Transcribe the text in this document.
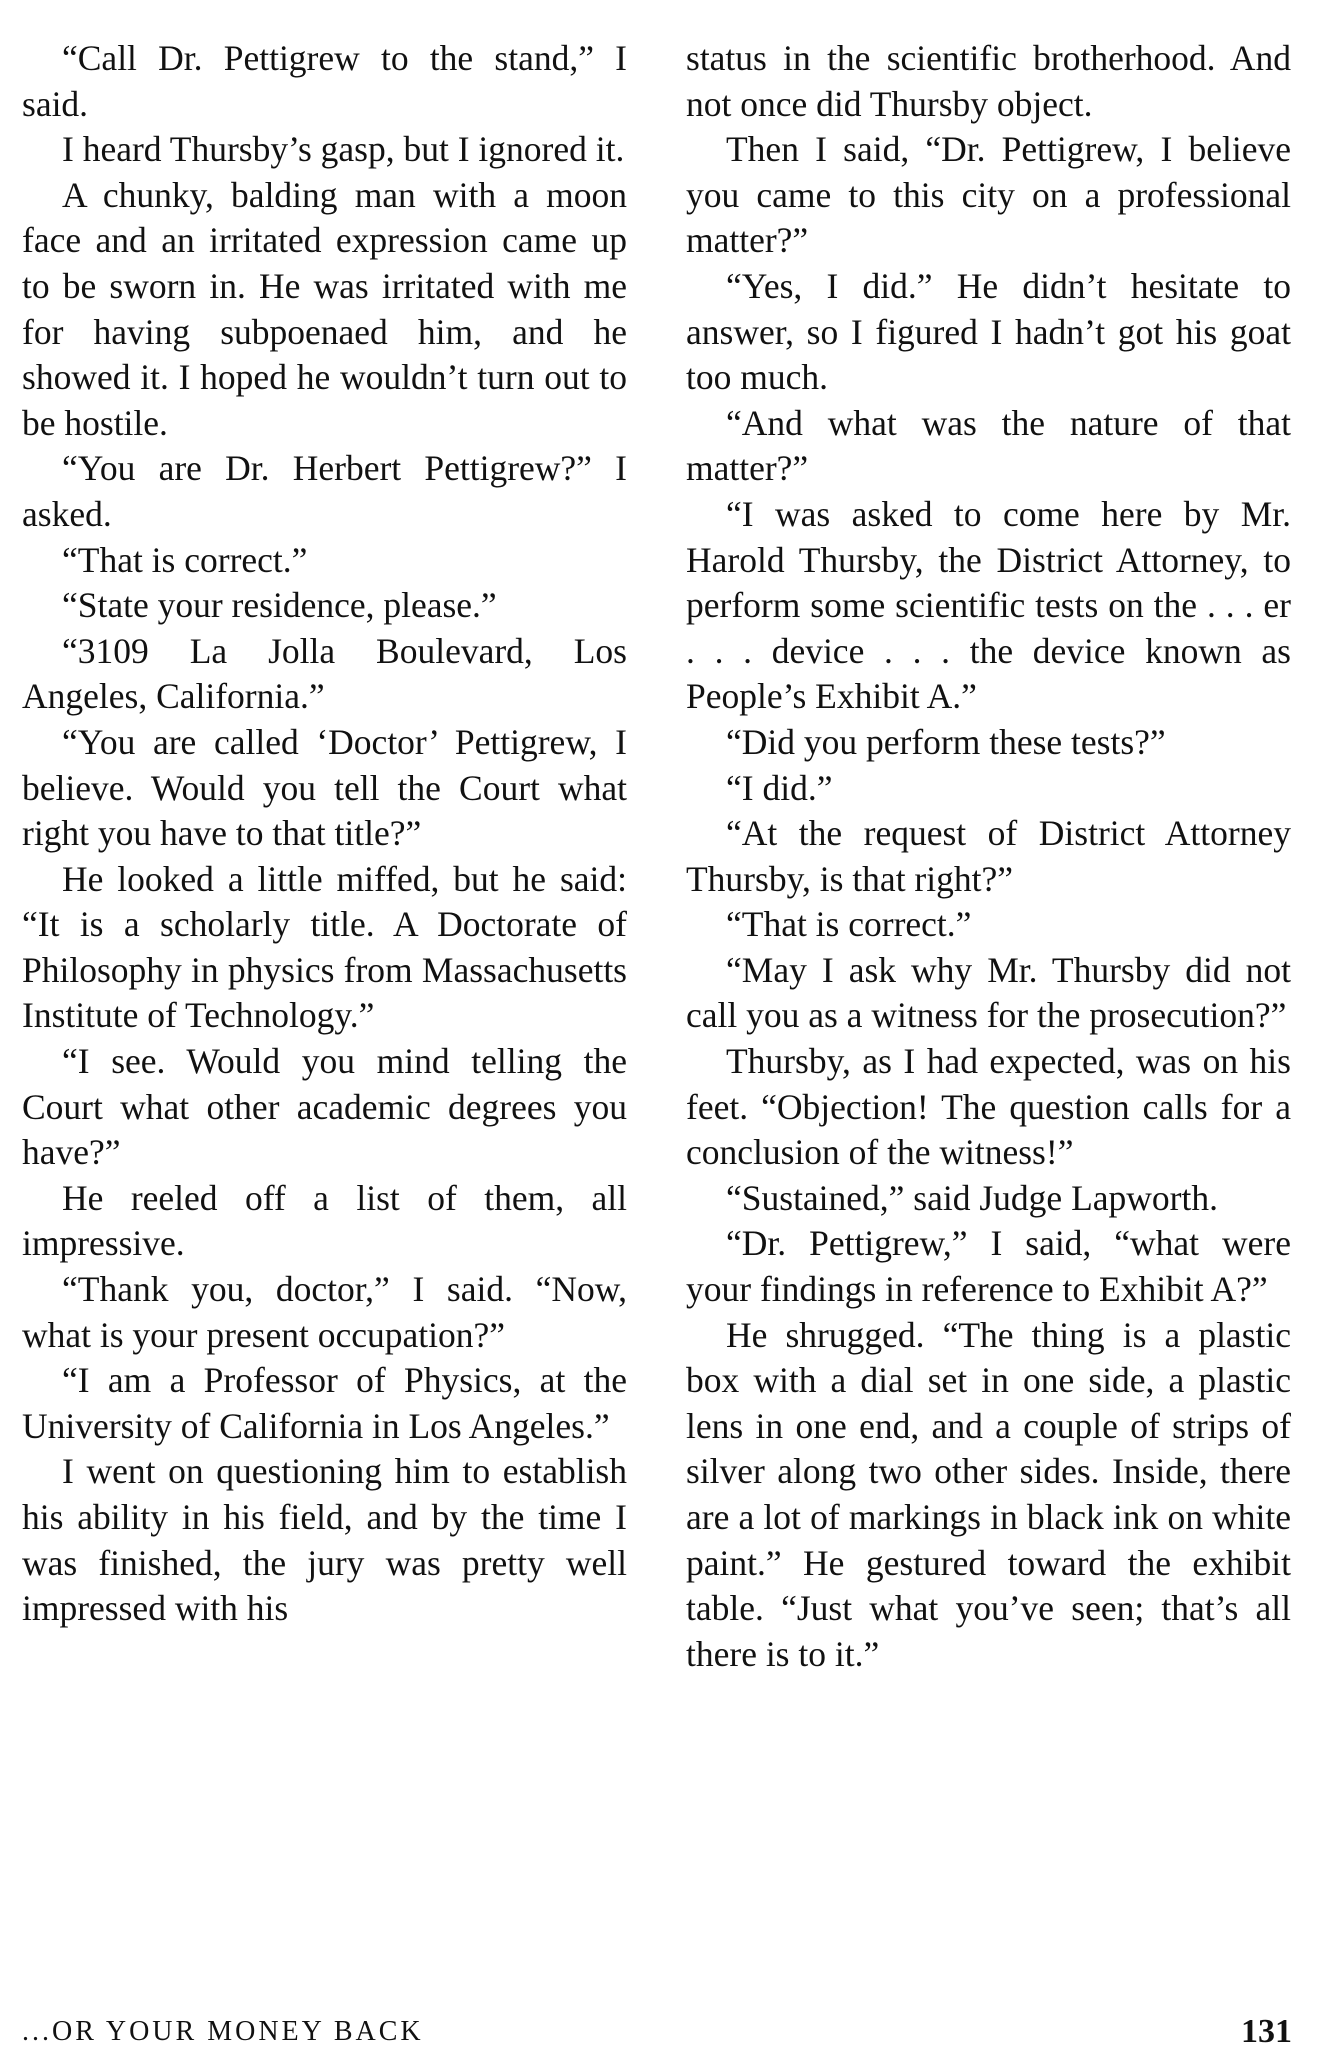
“Call Dr. Pettigrew to the stand,” I said.

I heard Thursby’s gasp, but I ignored it.

A chunky, balding man with a moon face and an irritated expression came up to be sworn in. He was irritated with me for having subpoenaed him, and he showed it. I hoped he wouldn’t turn out to be hostile.

“You are Dr. Herbert Pettigrew?” I asked.

“That is correct.”

“State your residence, please.”

“3109 La Jolla Boulevard, Los Angeles, California.”

“You are called ‘Doctor’ Pettigrew, I believe. Would you tell the Court what right you have to that title?”

He looked a little miffed, but he said: “It is a scholarly title. A Doctorate of Philosophy in physics from Massachusetts Institute of Technology.”

“I see. Would you mind telling the Court what other academic degrees you have?”

He reeled off a list of them, all impressive.

“Thank you, doctor,” I said. “Now, what is your present occupation?”

“I am a Professor of Physics, at the University of California in Los Angeles.”

I went on questioning him to establish his ability in his field, and by the time I was finished, the jury was pretty well impressed with his

status in the scientific brotherhood. And not once did Thursby object.

Then I said, “Dr. Pettigrew, I believe you came to this city on a professional matter?”

“Yes, I did.” He didn’t hesitate to answer, so I figured I hadn’t got his goat too much.

“And what was the nature of that matter?”

“I was asked to come here by Mr. Harold Thursby, the District Attorney, to perform some scientific tests on the . . . er . . . device . . . the device known as People’s Exhibit A.”

“Did you perform these tests?”

“I did.”

“At the request of District Attorney Thursby, is that right?”

“That is correct.”

“May I ask why Mr. Thursby did not call you as a witness for the prosecution?”

Thursby, as I had expected, was on his feet. “Objection! The question calls for a conclusion of the witness!”

“Sustained,” said Judge Lapworth.

“Dr. Pettigrew,” I said, “what were your findings in reference to Exhibit A?”

He shrugged. “The thing is a plastic box with a dial set in one side, a plastic lens in one end, and a couple of strips of silver along two other sides. Inside, there are a lot of markings in black ink on white paint.” He gestured toward the exhibit table. “Just what you’ve seen; that’s all there is to it.”

...OR YOUR MONEY BACK	131
